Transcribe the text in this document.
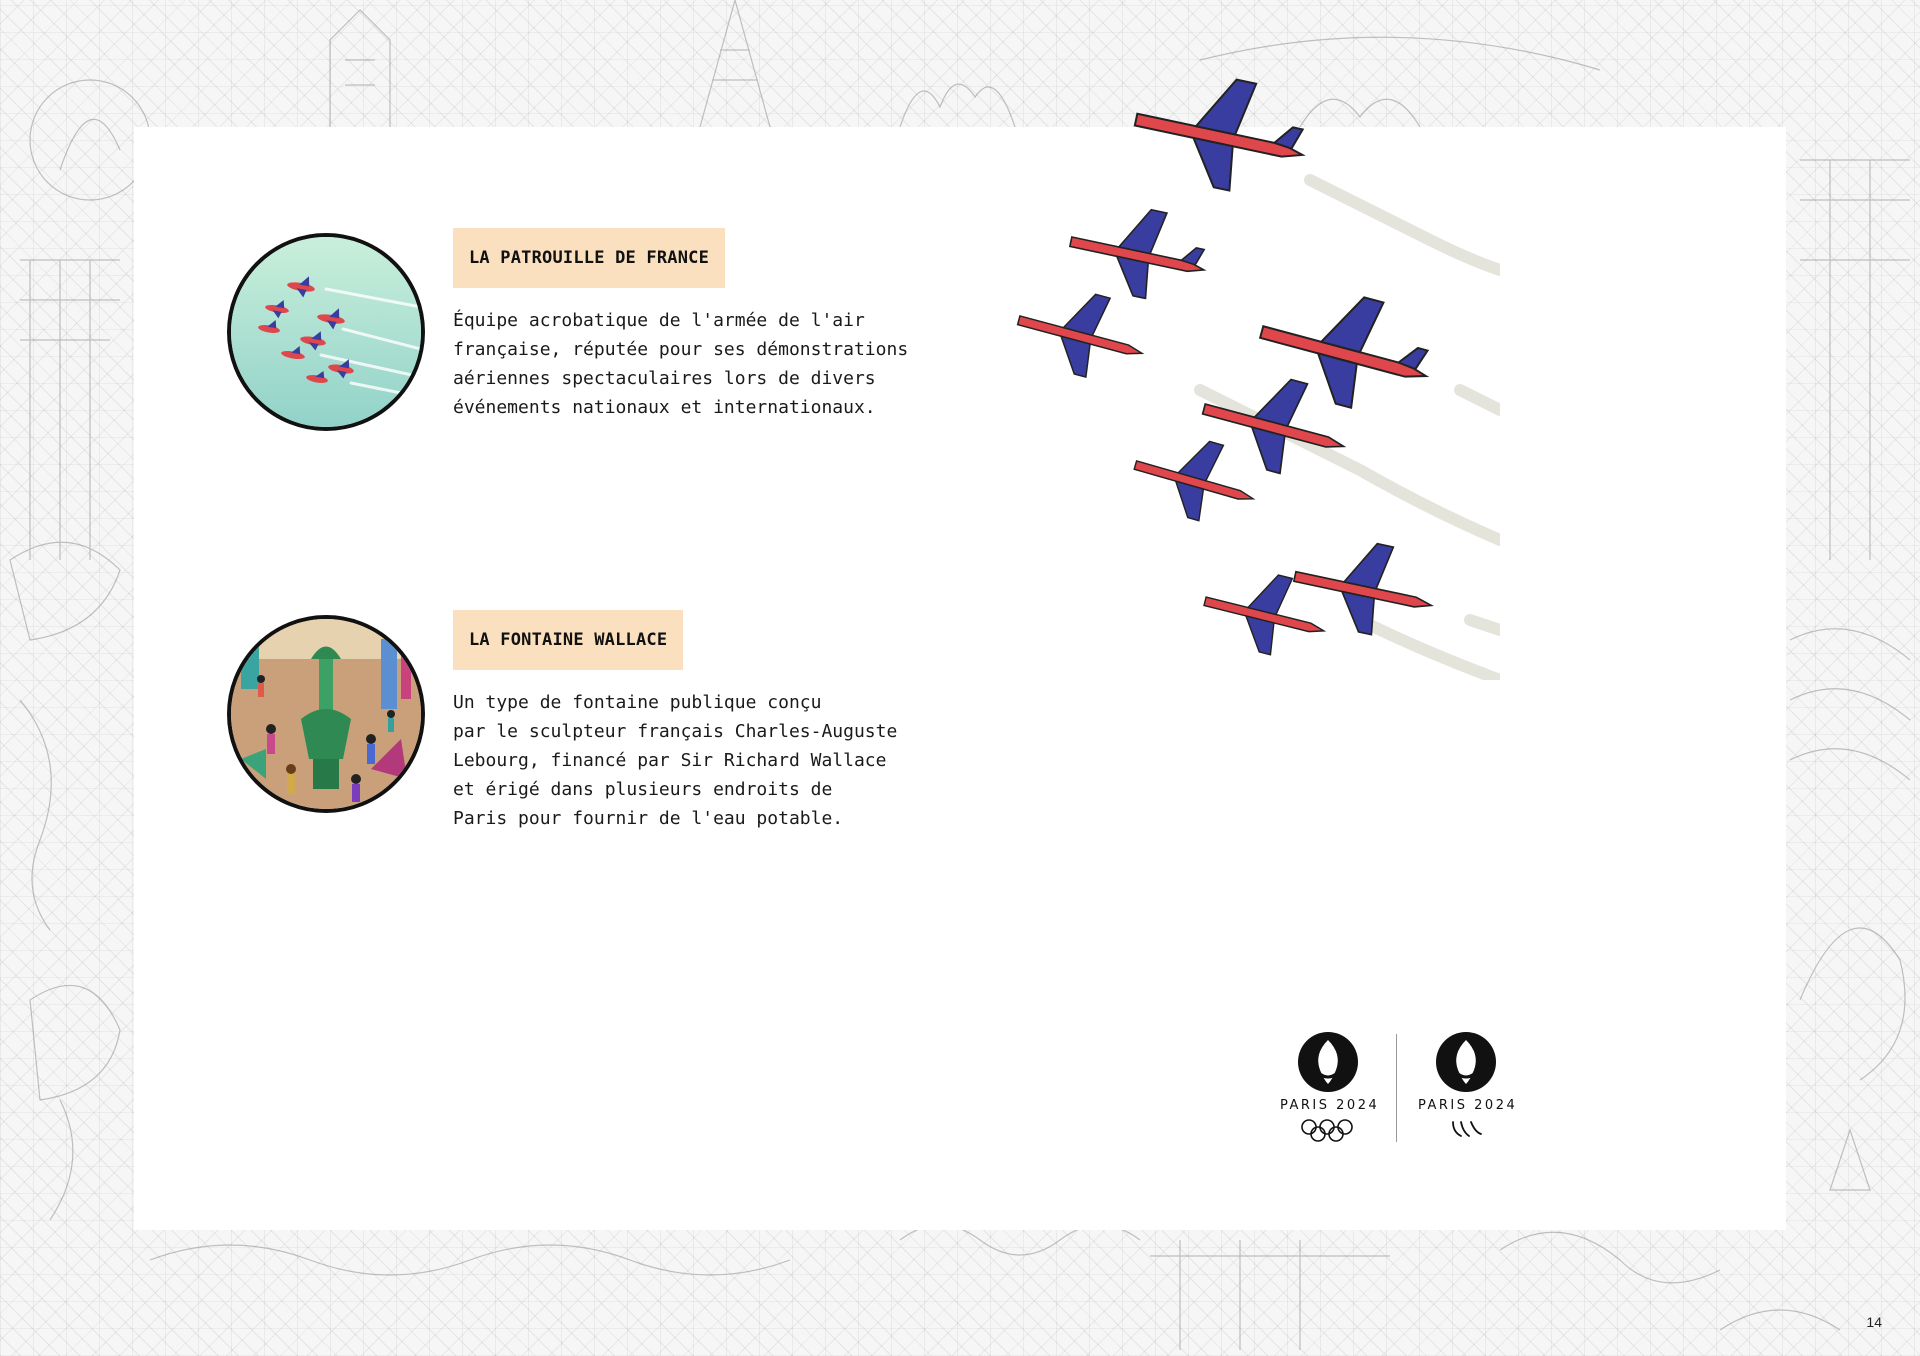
LA PATROUILLE DE FRANCE

Équipe acrobatique de l'armée de l'air
française, réputée pour ses démonstrations
aériennes spectaculaires lors de divers
événements nationaux et internationaux.

LA FONTAINE WALLACE

Un type de fontaine publique conçu
par le sculpteur français Charles-Auguste
Lebourg, financé par Sir Richard Wallace
et érigé dans plusieurs endroits de
Paris pour fournir de l'eau potable.

PARIS 2024	PARIS 2024
14
